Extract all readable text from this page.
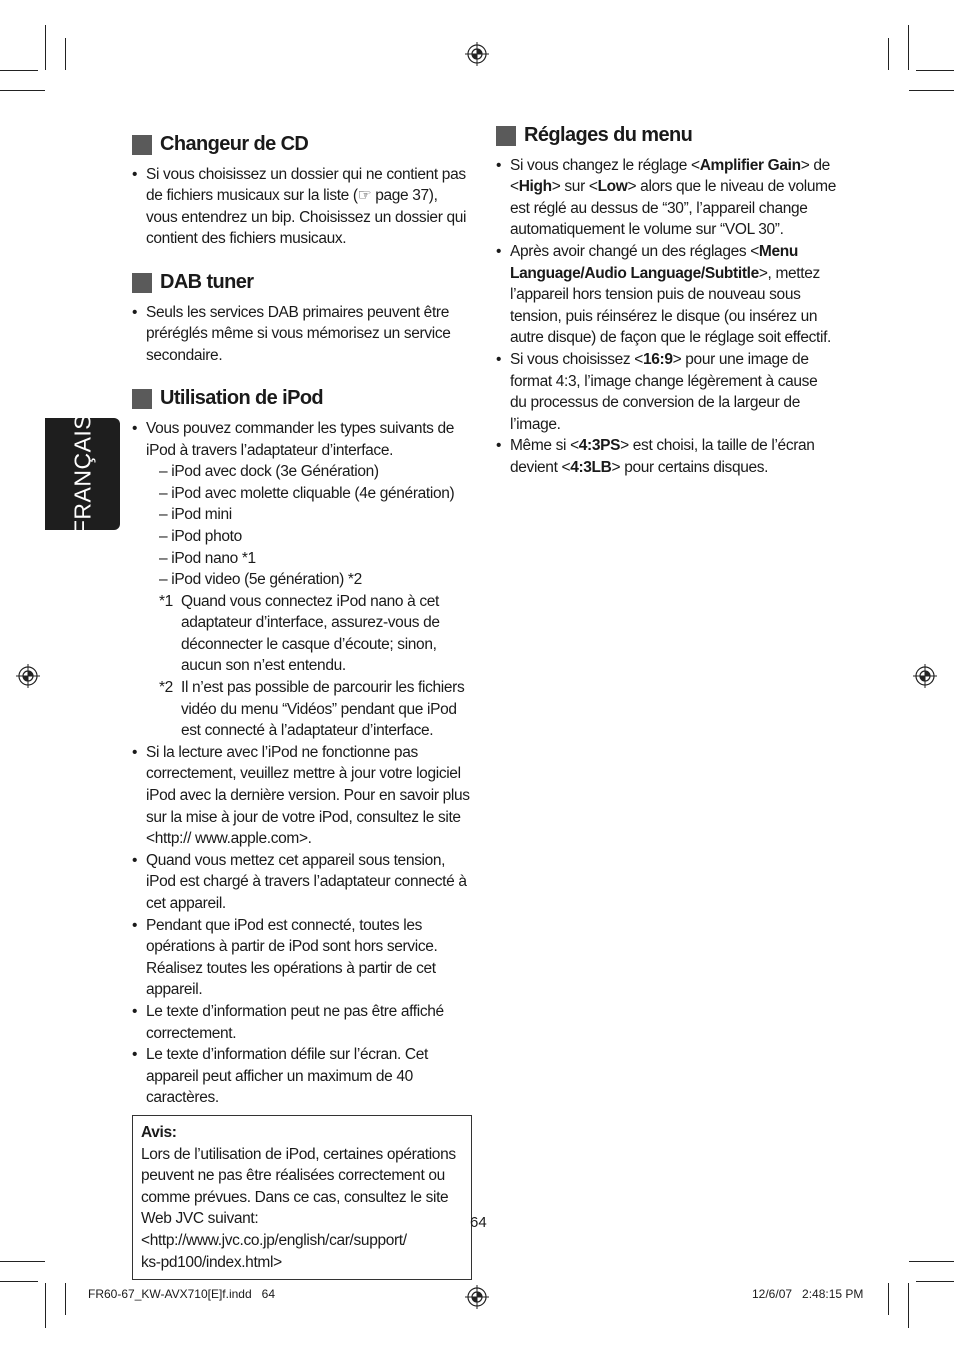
FRANÇAIS
Changeur de CD
• Si vous choisissez un dossier qui ne contient pas de fichiers musicaux sur la liste (☞ page 37), vous entendrez un bip. Choisissez un dossier qui contient des fichiers musicaux.
DAB tuner
• Seuls les services DAB primaires peuvent être préréglés même si vous mémorisez un service secondaire.
Utilisation de iPod
• Vous pouvez commander les types suivants de iPod à travers l’adaptateur d’interface.
– iPod avec dock (3e Génération)
– iPod avec molette cliquable (4e génération)
– iPod mini
– iPod photo
– iPod nano *1
– iPod video (5e génération) *2
*1 Quand vous connectez iPod nano à cet adaptateur d’interface, assurez-vous de déconnecter le casque d’écoute; sinon, aucun son n’est entendu.
*2 Il n’est pas possible de parcourir les fichiers vidéo du menu “Vidéos” pendant que iPod est connecté à l’adaptateur d’interface.
• Si la lecture avec l’iPod ne fonctionne pas correctement, veuillez mettre à jour votre logiciel iPod avec la dernière version. Pour en savoir plus sur la mise à jour de votre iPod, consultez le site <http:// www.apple.com>.
• Quand vous mettez cet appareil sous tension, iPod est chargé à travers l’adaptateur connecté à cet appareil.
• Pendant que iPod est connecté, toutes les opérations à partir de iPod sont hors service. Réalisez toutes les opérations à partir de cet appareil.
• Le texte d’information peut ne pas être affiché correctement.
• Le texte d’information défile sur l’écran. Cet appareil peut afficher un maximum de 40 caractères.
Avis:
Lors de l’utilisation de iPod, certaines opérations peuvent ne pas être réalisées correctement ou comme prévues. Dans ce cas, consultez le site Web JVC suivant:
<http://www.jvc.co.jp/english/car/support/
ks-pd100/index.html>
Réglages du menu
• Si vous changez le réglage <Amplifier Gain> de <High> sur <Low> alors que le niveau de volume est réglé au dessus de “30”, l’appareil change automatiquement le volume sur “VOL 30”.
• Après avoir changé un des réglages <Menu Language/Audio Language/Subtitle>, mettez l’appareil hors tension puis de nouveau sous tension, puis réinsérez le disque (ou insérez un autre disque) de façon que le réglage soit effectif.
• Si vous choisissez <16:9> pour une image de format 4:3, l’image change légèrement à cause du processus de conversion de la largeur de l’image.
• Même si <4:3PS> est choisi, la taille de l’écran devient <4:3LB> pour certains disques.
64
FR60-67_KW-AVX710[E]f.indd   64	12/6/07   2:48:15 PM
